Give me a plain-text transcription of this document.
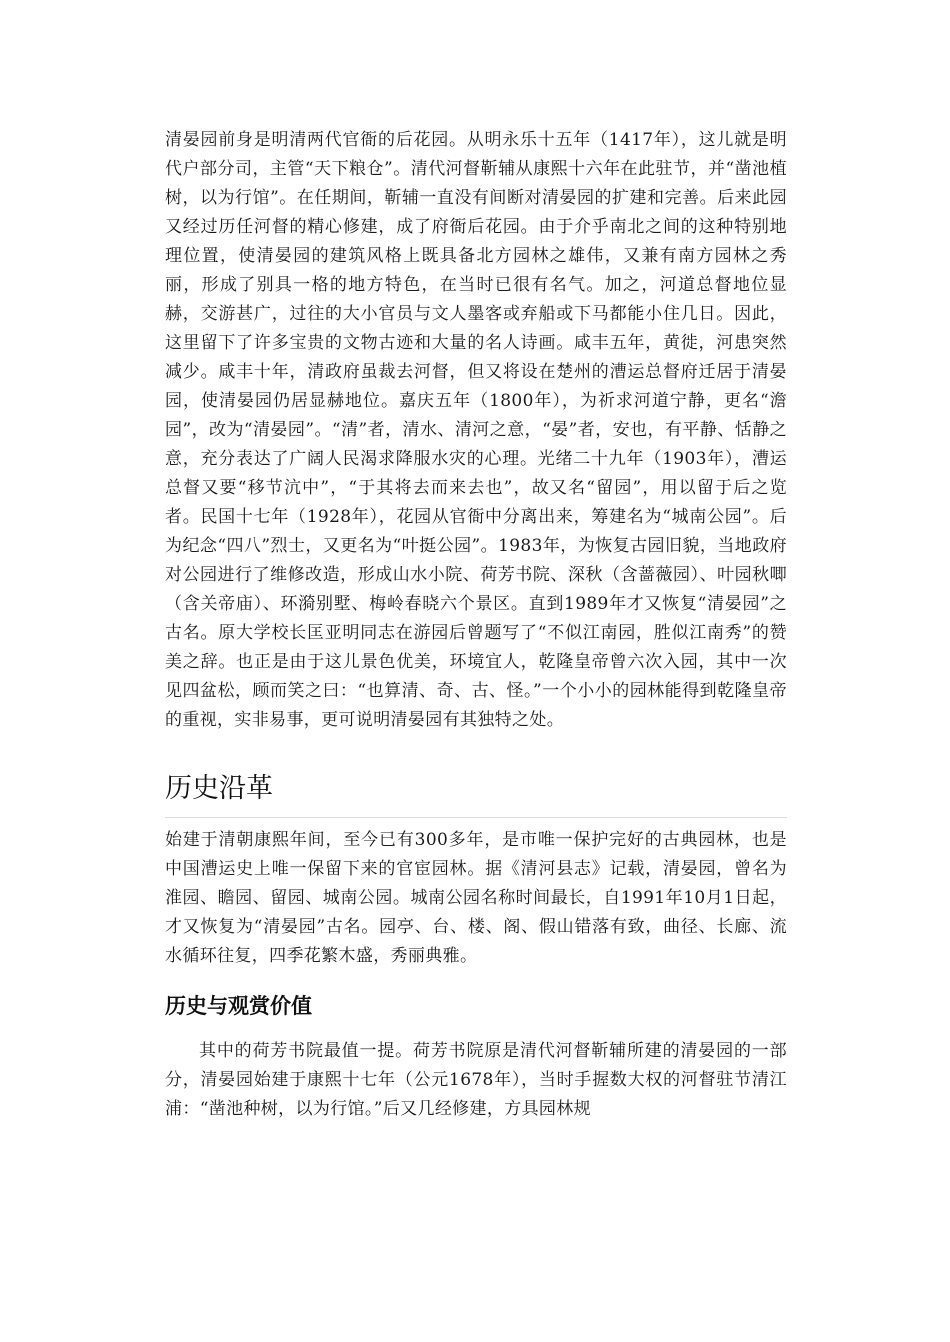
清晏园前身是明清两代官衙的后花园。从明永乐十五年（1417年），这儿就是明代户部分司，主管“天下粮仓”。清代河督靳辅从康熙十六年在此驻节，并“凿池植树，以为行馆”。在任期间，靳辅一直没有间断对清晏园的扩建和完善。后来此园又经过历任河督的精心修建，成了府衙后花园。由于介乎南北之间的这种特别地理位置，使清晏园的建筑风格上既具备北方园林之雄伟，又兼有南方园林之秀丽，形成了别具一格的地方特色，在当时已很有名气。加之，河道总督地位显赫，交游甚广，过往的大小官员与文人墨客或弃船或下马都能小住几日。因此，这里留下了许多宝贵的文物古迹和大量的名人诗画。咸丰五年，黄徙，河患突然减少。咸丰十年，清政府虽裁去河督，但又将设在楚州的漕运总督府迁居于清晏园，使清晏园仍居显赫地位。嘉庆五年（1800年），为祈求河道宁静，更名“澹园”，改为“清晏园”。“清”者，清水、清河之意，“晏”者，安也，有平静、恬静之意，充分表达了广阔人民渴求降服水灾的心理。光绪二十九年（1903年），漕运总督又要“移节沆中”，“于其将去而来去也”，故又名“留园”，用以留于后之览者。民国十七年（1928年），花园从官衙中分离出来，筹建名为“城南公园”。后为纪念“四八”烈士，又更名为“叶挺公园”。1983年，为恢复古园旧貌，当地政府对公园进行了维修改造，形成山水小院、荷芳书院、深秋（含蔷薇园）、叶园秋唧（含关帝庙）、环漪别墅、梅岭春晓六个景区。直到1989年才又恢复“清晏园”之古名。原大学校长匡亚明同志在游园后曾题写了“不似江南园，胜似江南秀”的赞美之辞。也正是由于这儿景色优美，环境宜人，乾隆皇帝曾六次入园，其中一次见四盆松，顾而笑之曰：“也算清、奇、古、怪。”一个小小的园林能得到乾隆皇帝的重视，实非易事，更可说明清晏园有其独特之处。

历史沿革

始建于清朝康熙年间，至今已有300多年，是市唯一保护完好的古典园林，也是中国漕运史上唯一保留下来的官宦园林。据《清河县志》记载，清晏园，曾名为淮园、瞻园、留园、城南公园。城南公园名称时间最长，自1991年10月1日起，才又恢复为“清晏园”古名。园亭、台、楼、阁、假山错落有致，曲径、长廊、流水循环往复，四季花繁木盛，秀丽典雅。

历史与观赏价值

其中的荷芳书院最值一提。荷芳书院原是清代河督靳辅所建的清晏园的一部分，清晏园始建于康熙十七年（公元1678年），当时手握数大权的河督驻节清江浦：“凿池种树，以为行馆。”后又几经修建，方具园林规
